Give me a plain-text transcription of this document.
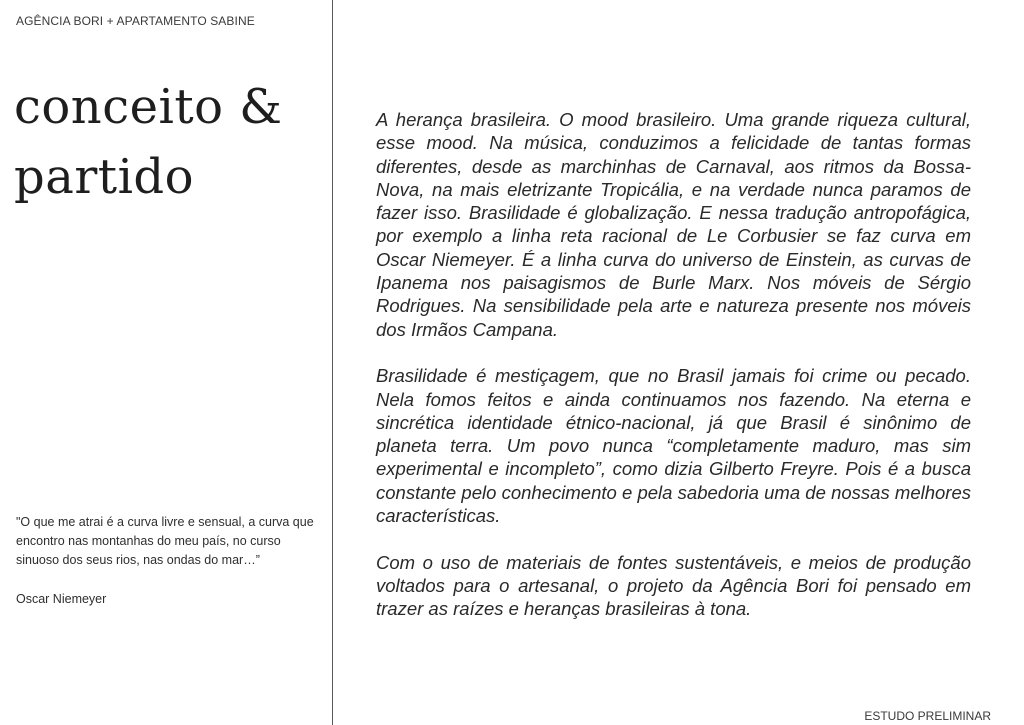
AGÊNCIA BORI + APARTAMENTO SABINE

conceito &
partido

"O que me atrai é a curva livre e sensual, a curva que encontro nas montanhas do meu país, no curso sinuoso dos seus rios, nas ondas do mar…”

Oscar Niemeyer

A herança brasileira. O mood brasileiro. Uma grande riqueza cultural, esse mood. Na música, conduzimos a felicidade de tantas formas diferentes, desde as marchinhas de Carnaval, aos ritmos da Bossa-Nova, na mais eletrizante Tropicália, e na verdade nunca paramos de fazer isso. Brasilidade é globalização. E nessa tradução antropofágica, por exemplo a linha reta racional de Le Corbusier se faz curva em Oscar Niemeyer. É a linha curva do universo de Einstein, as curvas de Ipanema nos paisagismos de Burle Marx. Nos móveis de Sérgio Rodrigues. Na sensibilidade pela arte e natureza presente nos móveis dos Irmãos Campana.

Brasilidade é mestiçagem, que no Brasil jamais foi crime ou pecado. Nela fomos feitos e ainda continuamos nos fazendo. Na eterna e sincrética identidade étnico-nacional, já que Brasil é sinônimo de planeta terra. Um povo nunca “completamente maduro, mas sim experimental e incompleto”, como dizia Gilberto Freyre. Pois é a busca constante pelo conhecimento e pela sabedoria uma de nossas melhores características.

Com o uso de materiais de fontes sustentáveis, e meios de produção voltados para o artesanal, o projeto da Agência Bori foi pensado em trazer as raízes e heranças brasileiras à tona.

ESTUDO PRELIMINAR
